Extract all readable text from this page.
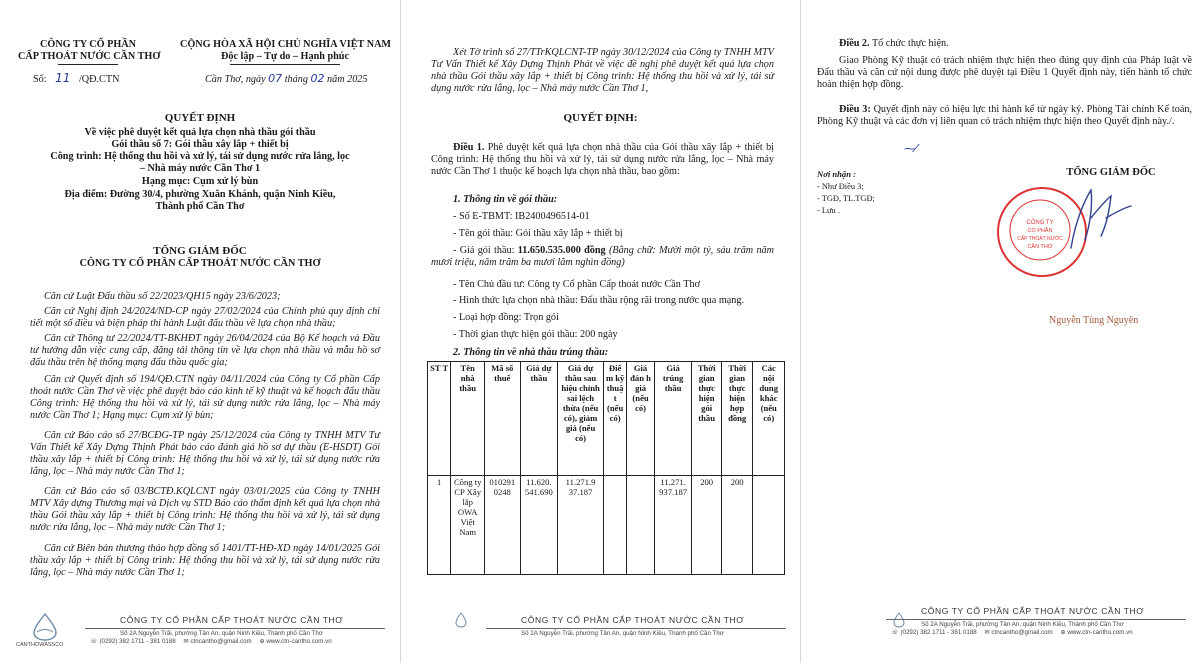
CÔNG TY CỔ PHẦN
CẤP THOÁT NƯỚC CẦN THƠ
Số: 11 /QĐ.CTN
CỘNG HÒA XÃ HỘI CHỦ NGHĨA VIỆT NAM
Độc lập – Tự do – Hạnh phúc
Cần Thơ, ngày 07 tháng 02 năm 2025
QUYẾT ĐỊNH
Về việc phê duyệt kết quả lựa chọn nhà thầu gói thầu
Gói thầu số 7: Gói thầu xây lắp + thiết bị
Công trình: Hệ thống thu hồi và xử lý, tái sử dụng nước rửa lắng, lọc
– Nhà máy nước Cần Thơ 1
Hạng mục: Cụm xử lý bùn
Địa điểm: Đường 30/4, phường Xuân Khánh, quận Ninh Kiều,
Thành phố Cần Thơ
TỔNG GIÁM ĐỐC
CÔNG TY CỔ PHẦN CẤP THOÁT NƯỚC CẦN THƠ
Căn cứ Luật Đấu thầu số 22/2023/QH15 ngày 23/6/2023;
Căn cứ Nghị định 24/2024/ND-CP ngày 27/02/2024 của Chính phủ quy định chi tiết một số điều và biện pháp thi hành Luật đấu thầu về lựa chọn nhà thầu;
Căn cứ Thông tư 22/2024/TT-BKHĐT ngày 26/04/2024 của Bộ Kế hoạch và Đầu tư hướng dẫn việc cung cấp, đăng tải thông tin về lựa chọn nhà thầu và mẫu hồ sơ đấu thầu trên hệ thống mạng đấu thầu quốc gia;
Căn cứ Quyết định số 194/QĐ.CTN ngày 04/11/2024 của Công ty Cổ phần Cấp thoát nước Cần Thơ về việc phê duyệt báo cáo kinh tế kỹ thuật và kế hoạch đấu thầu Công trình: Hệ thống thu hồi và xử lý, tái sử dụng nước rửa lắng, lọc – Nhà máy nước Cần Thơ 1; Hạng mục: Cụm xử lý bùn;
Căn cứ Báo cáo số 27/BCĐG-TP ngày 25/12/2024 của Công ty TNHH MTV Tư Vấn Thiết kế Xây Dựng Thịnh Phát báo cáo đánh giá hồ sơ dự thầu (E-HSDT) Gói thầu xây lắp + thiết bị Công trình: Hệ thống thu hồi và xử lý, tái sử dụng nước rửa lắng, lọc – Nhà máy nước Cần Thơ 1;
Căn cứ Báo cáo số 03/BCTĐ.KQLCNT ngày 03/01/2025 của Công ty TNHH MTV Xây dựng Thương mại và Dịch vụ STD Báo cáo thẩm định kết quả lựa chọn nhà thầu Gói thầu xây lắp + thiết bị Công trình: Hệ thống thu hồi và xử lý, tái sử dụng nước rửa lắng, lọc – Nhà máy nước Cần Thơ 1;
Căn cứ Biên bản thương thảo hợp đồng số 1401/TT-HĐ-XD ngày 14/01/2025 Gói thầu xây lắp + thiết bị Công trình: Hệ thống thu hồi và xử lý, tái sử dụng nước rửa lắng, lọc – Nhà máy nước Cần Thơ 1;
CANTHOWASSCO
CÔNG TY CỔ PHẦN CẤP THOÁT NƯỚC CẦN THƠ
Số 2A Nguyễn Trãi, phường Tân An, quận Ninh Kiều, Thành phố Cần Thơ
☏ (0292) 382 1711 - 381 0188 ✉ ctncantho@gmail.com ⊕ www.ctn-cantho.com.vn
Xét Tờ trình số 27/TTrKQLCNT-TP ngày 30/12/2024 của Công ty TNHH MTV Tư Vấn Thiết kế Xây Dựng Thịnh Phát về việc đề nghị phê duyệt kết quả lựa chọn nhà thầu Gói thầu xây lắp + thiết bị Công trình: Hệ thống thu hồi và xử lý, tái sử dụng nước rửa lắng, lọc – Nhà máy nước Cần Thơ 1,
QUYẾT ĐỊNH:
Điều 1. Phê duyệt kết quả lựa chọn nhà thầu của Gói thầu xây lắp + thiết bị Công trình: Hệ thống thu hồi và xử lý, tái sử dụng nước rửa lắng, lọc – Nhà máy nước Cần Thơ 1 thuộc kế hoạch lựa chọn nhà thầu, bao gồm:
1. Thông tin về gói thầu:
- Số E-TBMT: IB2400496514-01
- Tên gói thầu: Gói thầu xây lắp + thiết bị
- Giá gói thầu: 11.650.535.000 đồng (Bằng chữ: Mười một tỷ, sáu trăm năm mươi triệu, năm trăm ba mươi lăm nghìn đồng)
- Tên Chủ đầu tư: Công ty Cổ phần Cấp thoát nước Cần Thơ
- Hình thức lựa chọn nhà thầu: Đấu thầu rộng rãi trong nước qua mạng.
- Loại hợp đồng: Trọn gói
- Thời gian thực hiện gói thầu: 200 ngày
2. Thông tin về nhà thầu trúng thầu:
ST T	Tên nhà thầu	Mã số thuế	Giá dự thầu	Giá dự thầu sau hiệu chỉnh sai lệch thừa (nếu có), giảm giá (nếu có)	Điể m kỹ thuậ t (nếu có)	Giá đán h giá (nếu có)	Giá trúng thầu	Thời gian thực hiện gói thầu	Thời gian thực hiện hợp đồng	Các nội dung khác (nếu có)
1	Công ty CP Xây lắp OWA Việt Nam	010291 0248	11.620. 541.690	11.271.9 37.187			11.271. 937.187	200	200	
CÔNG TY CỔ PHẦN CẤP THOÁT NƯỚC CẦN THƠ
Số 2A Nguyễn Trãi, phường Tân An, quận Ninh Kiều, Thành phố Cần Thơ
Điều 2. Tổ chức thực hiện.
Giao Phòng Kỹ thuật có trách nhiệm thực hiện theo đúng quy định của Pháp luật về Đấu thầu và căn cứ nội dung được phê duyệt tại Điều 1 Quyết định này, tiến hành tổ chức hoàn thiện hợp đồng.
Điều 3: Quyết định này có hiệu lực thi hành kể từ ngày ký. Phòng Tài chính Kế toán, Phòng Kỹ thuật và các đơn vị liên quan có trách nhiệm thực hiện theo Quyết định này./.
⁓⁄
Nơi nhận :
- Như Điều 3;
- TGĐ, TL.TGĐ;
- Lưu .
TỔNG GIÁM ĐỐC
CÔNG TY
CỔ PHẦN
CẤP THOÁT NƯỚC
CẦN THƠ
Nguyễn Tùng Nguyên
CÔNG TY CỔ PHẦN CẤP THOÁT NƯỚC CẦN THƠ
Số 2A Nguyễn Trãi, phường Tân An, quận Ninh Kiều, Thành phố Cần Thơ
☏ (0292) 382 1711 - 381 0188 ✉ ctncantho@gmail.com ⊕ www.ctn-cantho.com.vn
